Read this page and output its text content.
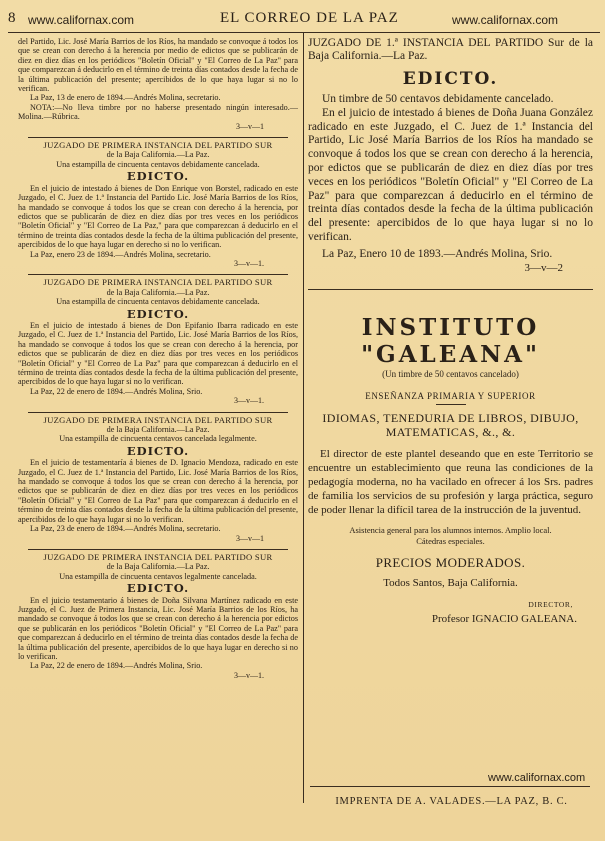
8 www.californax.com	EL CORREO DE LA PAZ	www.californax.com

del Partido, Lic. José María Barrios de los Ríos, ha mandado se convoque á todos los que se crean con derecho á la herencia por medio de edictos que se publicarán de diez en diez días en los periódicos "Boletín Oficial" y "El Correo de La Paz" para que comparezcan á deducirlo en el término de treinta días contados desde la fecha de la última publicación del presente; apercibidos de lo que haya lugar si no lo verifican.

La Paz, 13 de enero de 1894.—Andrés Molina, secretario.

NOTA:—No lleva timbre por no haberse presentado ningún interesado.—Molina.—Rúbrica.

3—v—1
JUZGADO DE PRIMERA INSTANCIA DEL PARTIDO SUR
de la Baja California.—La Paz.
Una estampilla de cincuenta centavos debidamente cancelada.
EDICTO.

En el juicio de intestado á bienes de Don Enrique von Borstel, radicado en este Juzgado, el C. Juez de 1.ª Instancia del Partido Lic. José María Barrios de los Ríos, ha mandado se convoque á todos los que se crean con derecho á la herencia, por edictos que se publicarán de diez en diez días por tres veces en los periódicos "Boletín Oficial" y "El Correo de La Paz," para que comparezcan á deducirlo en el término de treinta días contados desde la fecha de la última publicación del presente, apercibidos de lo que haya lugar en derecho si no lo verifican.

La Paz, enero 23 de 1894.—Andrés Molina, secretario.

3—v—1.
JUZGADO DE PRIMERA INSTANCIA DEL PARTIDO SUR
de la Baja California.—La Paz.
Una estampilla de cincuenta centavos debidamente cancelada.
EDICTO.

En el juicio de intestado á bienes de Don Epifanio Ibarra radicado en este Juzgado, el C. Juez de 1.ª Instancia del Partido, Lic. José María Barrios de los Ríos, ha mandado se convoque á todos los que se crean con derecho á la herencia, por edictos que se publicarán de diez en diez días por tres veces en los periódicos "Boletín Oficial" y "El Correo de La Paz" para que comparezcan á deducirlo en el término de treinta días contados desde la fecha de la última publicación del presente, apercibidos de lo que haya lugar si no lo verifican.

La Paz, 22 de enero de 1894.—Andrés Molina, Srio.

3—v—1.
JUZGADO DE PRIMERA INSTANCIA DEL PARTIDO SUR
de la Baja California.—La Paz.
Una estampilla de cincuenta centavos cancelada legalmente.
EDICTO.

En el juicio de testamentaría á bienes de D. Ignacio Mendoza, radicado en este Juzgado, el C. Juez de 1.ª Instancia del Partido, Lic. José María Barrios de los Ríos, ha mandado se convoque á todos los que se crean con derecho á la herencia, por edictos que se publicarán de diez en diez días por tres veces en los periódicos "Boletín Oficial" y "El Correo de La Paz" para que comparezcan á deducirlo en el término de treinta días contados desde la fecha de la última publicación del presente, apercibidos de lo que haya lugar si no lo verifican.

La Paz, 23 de enero de 1894.—Andrés Molina, secretario.

3—v—1
JUZGADO DE PRIMERA INSTANCIA DEL PARTIDO SUR
de la Baja California.—La Paz.
Una estampilla de cincuenta centavos legalmente cancelada.
EDICTO.

En el juicio testamentario á bienes de Doña Silvana Martínez radicado en este Juzgado, el C. Juez de Primera Instancia, Lic. José María Barrios de los Ríos, ha mandado se convoque á todos los que se crean con derecho á la herencia por edictos que se publicarán en los periódicos "Boletín Oficial" y "El Correo de La Paz" para que comparezcan á deducirlo en el término de treinta días contados desde la fecha de la última publicación del presente, apercibidos de lo que haya lugar en derecho si no lo verifican.

La Paz, 22 de enero de 1894.—Andrés Molina, Srio.

3—v—1.

JUZGADO DE 1.ª INSTANCIA DEL PARTIDO Sur de la Baja California.—La Paz.

EDICTO.

Un timbre de 50 centavos debidamente cancelado.

En el juicio de intestado á bienes de Doña Juana González radicado en este Juzgado, el C. Juez de 1.ª Instancia del Partido, Lic José María Barrios de los Ríos ha mandado se convoque á todos los que se crean con derecho á la herencia, por edictos que se publicarán de diez en diez días por tres veces en los periódicos "Boletín Oficial" y "El Correo de La Paz" para que comparezcan á deducirlo en el término de treinta días contados desde la fecha de la última publicación del presente: apercibidos de lo que haya lugar si no lo verifican.

La Paz, Enero 10 de 1893.—Andrés Molina, Srio.

3—v—2
INSTITUTO "GALEANA"
(Un timbre de 50 centavos cancelado)
ENSEÑANZA PRIMARIA Y SUPERIOR
IDIOMAS, TENEDURIA DE LIBROS, DIBUJO, MATEMATICAS, &., &.

El director de este plantel deseando que en este Territorio se encuentre un establecimiento que reuna las condiciones de la pedagogía moderna, no ha vacilado en ofrecer á los Srs. padres de familia los servicios de su profesión y larga práctica, seguro de poder llenar la difícil tarea de la instrucción de la juventud.

Asistencia general para los alumnos internos. Amplio local.
Cátedras especiales.
PRECIOS MODERADOS.
Todos Santos, Baja California.
DIRECTOR,
Profesor IGNACIO GALEANA.
www.californax.com
IMPRENTA DE A. VALADES.—LA PAZ, B. C.
